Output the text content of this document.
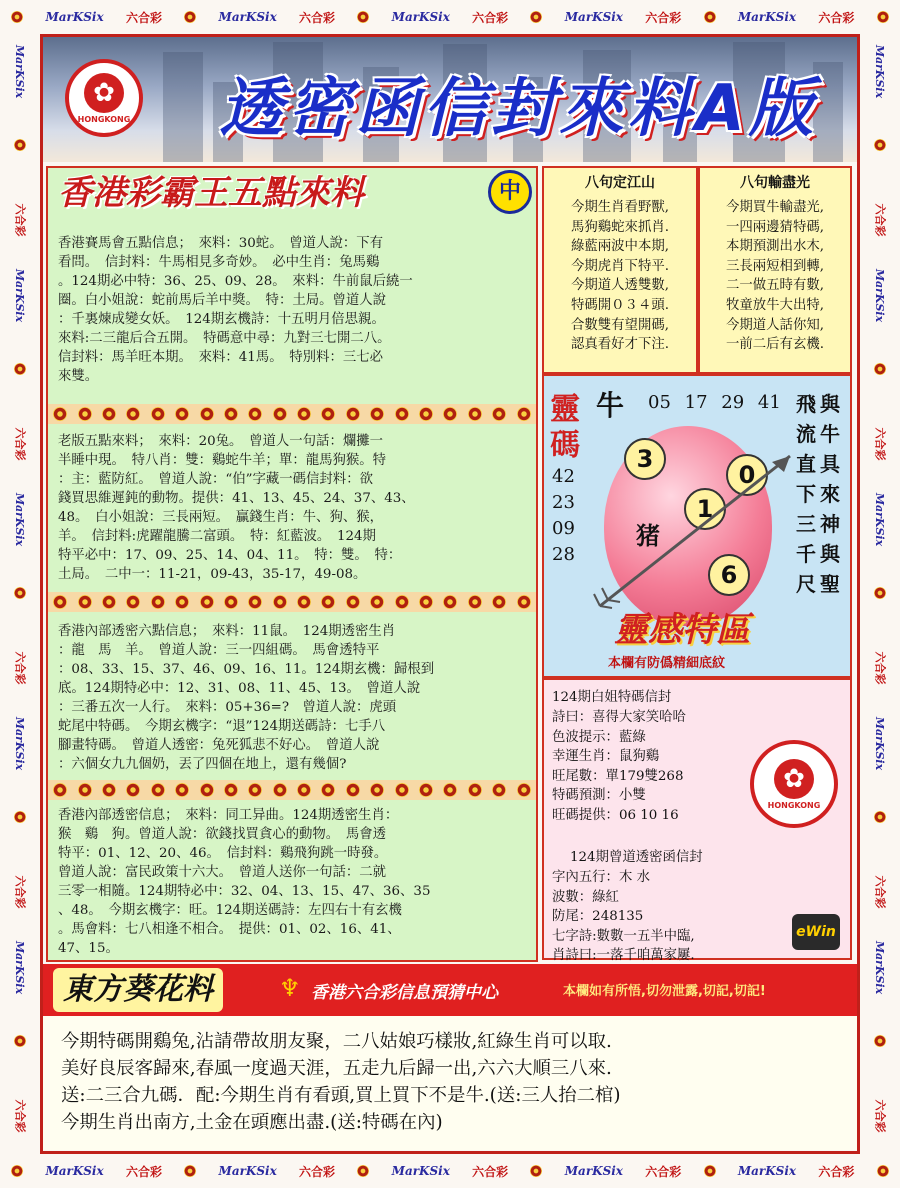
MarKSix 六合彩	MarKSix 六合彩	MarKSix 六合彩	MarKSix 六合彩	MarKSix 六合彩
MarKSix 六合彩	MarKSix 六合彩	MarKSix 六合彩	MarKSix 六合彩	MarKSix 六合彩
MarKSix
六合彩
MarKSix
六合彩
MarKSix
六合彩
MarKSix
六合彩
MarKSix
六合彩
MarKSix
六合彩
MarKSix
六合彩
MarKSix
六合彩
MarKSix
六合彩
MarKSix
六合彩
✿
HONGKONG	透密函信封來料A版
香港彩霸王五點來料	中
香港賽馬會五點信息；　來料：30蛇。　曾道人說：下有
看問。　信封料：牛馬相見多奇妙。　必中生肖：兔馬鷄
。124期必中特：36、25、09、28。　來料：牛前鼠后繞一
圈。白小姐說：蛇前馬后羊中獎。　特：土局。曾道人說
：千裏煉成變女妖。　124期玄機詩：十五明月倍思親。
來料:二三龍后合五開。　特碼意中尋：九對三七開二八。
信封料：馬羊旺本期。　來料：41馬。　特別料：三七必
來雙。
老版五點來料；　來料：20兔。　曾道人一句話：爛攤一
半睡中現。　特八肖：雙：鷄蛇牛羊；單：龍馬狗猴。特
：主：藍防紅。　曾道人說：“伯”字藏一碼信封料：欲
錢買思維遲鈍的動物。提供：41、13、45、24、37、43、
48。　白小姐說：三長兩短。　贏錢生肖：牛、狗、猴，
羊。　信封料:虎躍龍騰二富頭。　特：紅藍波。　124期
特平必中：17、09、25、14、04、11。　特：雙。　特：
土局。　二中一：11-21，09-43，35-17，49-08。
香港內部透密六點信息；　來料：11鼠。　124期透密生肖
：龍　馬　羊。　曾道人說：三一四組碼。　馬會透特平
：08、33、15、37、46、09、16、11。124期玄機：歸根到
底。124期特必中：12、31、08、11、45、13。　曾道人說
：三番五次一人行。　來料：05+36=?　曾道人說：虎頭
蛇尾中特碼。　今期玄機字：“退”124期送碼詩：七手八
腳畫特碼。　曾道人透密：兔死狐悲不好心。　曾道人說
：六個女九九個奶，丟了四個在地上，還有幾個?
香港內部透密信息；　來料：同工异曲。124期透密生肖：
猴　鷄　狗。曾道人說：欲錢找買貪心的動物。　馬會透
特平：01、12、20、46。　信封料：鷄飛狗跳一時發。
曾道人說：富民政策十六大。　曾道人送你一句話：二就
三零一相隨。124期特必中：32、04、13、15、47、36、35
、48。　今期玄機字：旺。124期送碼詩：左四右十有玄機
。馬會料：七八相逢不相合。　提供：01、02、16、41、
47、15。
八句定江山
今期生肖看野獸,
馬狗鷄蛇來抓肖.
綠藍兩波中本期,
今期虎肖下特平.
今期道人透雙數,
特碼開０３４頭.
合數雙有望開碼,
認真看好才下注.
八句輸盡光
今期買牛輸盡光,
一四兩邊猜特碼,
本期預測出水木,
三長兩短相到轉,
二一做五時有數,
牧童放牛大出特,
今期道人話你知,
一前二后有玄機.
靈
碼
牛 05 17 29 41
42
23
09
28
3
0
1
6
猪
飛
流
直
下
三
千
尺
與
牛
具
來
神
與
聖
靈感特區
本欄有防僞精細底紋
124期白姐特碼信封
詩曰：喜得大家笑哈哈
色波提示：藍綠
幸運生肖：鼠狗鷄
旺尾數：單179雙268
特碼預測：小雙
旺碼提供：06 10 16
✿
HONGKONG
124期曾道透密函信封
字內五行：木 水
波數：綠紅
防尾：248135
七字詩:數數一五半中臨,
肖詩曰:一落千咱萬家屢.
eWin
東方葵花料	♆ 香港六合彩信息預猜中心	本欄如有所悟,切勿泄露,切記,切記!
今期特碼開鷄兔,沾請帶故朋友聚，二八姑娘巧樣妝,紅綠生肖可以取.
美好良辰客歸來,春風一度過天涯，五走九后歸一出,六六大順三八來.
送:二三合九碼．配:今期生肖有看頭,買上買下不是牛.(送:三人抬二棺)
今期生肖出南方,土金在頭應出盡.(送:特碼在內)
